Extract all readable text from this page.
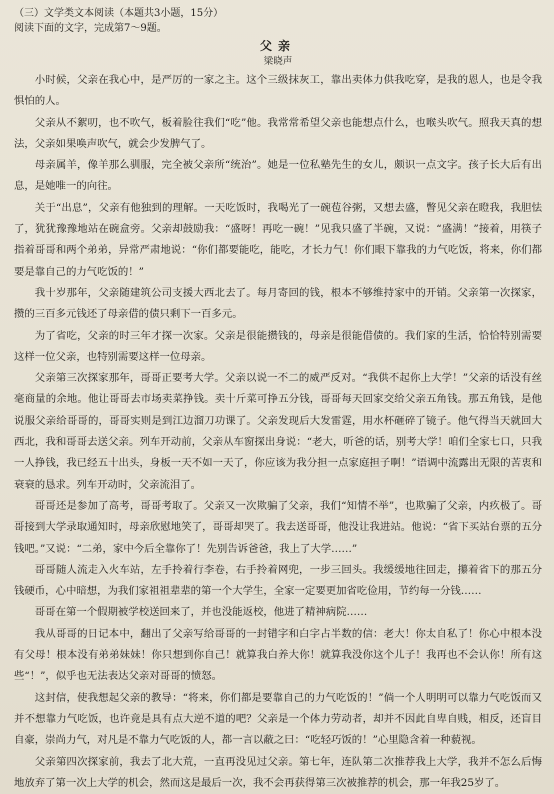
（三）文学类文本阅读（本题共3小题，15分）
阅读下面的文字，完成第7～9题。
父亲
梁晓声

小时候，父亲在我心中，是严厉的一家之主。这个三级抹灰工，靠出卖体力供我吃穿，是我的恩人，也是令我惧怕的人。

父亲从不絮叨，也不吹气，板着脸往我们“吃”他。我常常希望父亲也能想点什么，也喉头吹气。照我天真的想法，父亲如果唤声吹气，就会少发脾气了。

母亲属羊，像羊那么驯服，完全被父亲所“统治”。她是一位私塾先生的女儿，颇识一点文字。孩子长大后有出息，是她唯一的向往。

关于“出息”，父亲有他独到的理解。一天吃饭时，我喝光了一碗苞谷粥，又想去盛，瞥见父亲在瞪我，我胆怯了，犹犹豫豫地站在碗盒旁。父亲却鼓励我：“盛呀！再吃一碗！”见我只盛了半碗，又说：“盛满！”接着，用筷子指着哥哥和两个弟弟，异常严肃地说：“你们都要能吃，能吃，才长力气！你们眼下靠我的力气吃饭，将来，你们都要是靠自己的力气吃饭的！”

我十岁那年，父亲随建筑公司支援大西北去了。每月寄回的钱，根本不够维持家中的开销。父亲第一次探家，攒的三百多元钱还了母亲借的债只剩下一百多元。

为了省吃，父亲的时三年才探一次家。父亲是很能攒钱的，母亲是很能借债的。我们家的生活，恰恰特别需要这样一位父亲，也特别需要这样一位母亲。

父亲第三次探家那年，哥哥正要考大学。父亲以说一不二的威严反对。“我供不起你上大学！”父亲的话没有丝毫商量的余地。他让哥哥去市场卖菜挣钱。卖十斤菜可挣五分钱，哥哥每天回家交给父亲五角钱。那五角钱，是他说服父亲给哥哥的，哥哥实则是到江边溜刀功课了。父亲发现后大发雷霆，用水杯砸碎了镜子。他气得当天就回大西北，我和哥哥去送父亲。列车开动前，父亲从车窗探出身说：“老大，听爸的话，别考大学！咱们全家七口，只我一人挣钱，我已经五十出头，身板一天不如一天了，你应该为我分担一点家庭担子啊！”语调中流露出无限的苦衷和衰衰的恳求。列车开动时，父亲流泪了。

哥哥还是参加了高考，哥哥考取了。父亲又一次欺骗了父亲，我们“知情不举”，也欺骗了父亲，内疚极了。哥哥接到大学录取通知时，母亲欣慰地笑了，哥哥却哭了。我去送哥哥，他没让我进站。他说：“省下买站台票的五分钱吧。”又说：“二弟，家中今后全靠你了！先别告诉爸爸，我上了大学……”

哥哥随人流走入火车站，左手拎着行李卷，右手拎着网兜，一步三回头。我缓缓地往回走，攥着省下的那五分钱硬币，心中暗想，为我们家祖祖辈辈的第一个大学生，全家一定要更加省吃俭用，节约每一分钱……

哥哥在第一个假期被学校送回来了，并也没能返校，他进了精神病院……

我从哥哥的日记本中，翻出了父亲写给哥哥的一封错字和白字占半数的信：老大！你太自私了！你心中根本没有父母！根本没有弟弟妹妹！你只想到你自己！就算我白养大你！就算我没你这个儿子！我再也不会认你！所有这些“！”，似乎也无法表达父亲对哥哥的愤怒。

这封信，使我想起父亲的教导：“将来，你们都是要靠自己的力气吃饭的！”倘一个人明明可以靠力气吃饭而又并不想靠力气吃饭，也许竟是具有点大逆不道的吧？父亲是一个体力劳动者，却并不因此自卑自贱，相反，还盲目自豪，崇尚力气，对凡是不靠力气吃饭的人，都一言以蔽之曰：“吃轻巧饭的！”心里隐含着一种藐视。

父亲第四次探家前，我去了北大荒，一直再没见过父亲。第七年，连队第二次推荐我上大学，我并不怎么后悔地放弃了第一次上大学的机会，然而这是最后一次，我不会再获得第三次被推荐的机会，那一年我25岁了。
